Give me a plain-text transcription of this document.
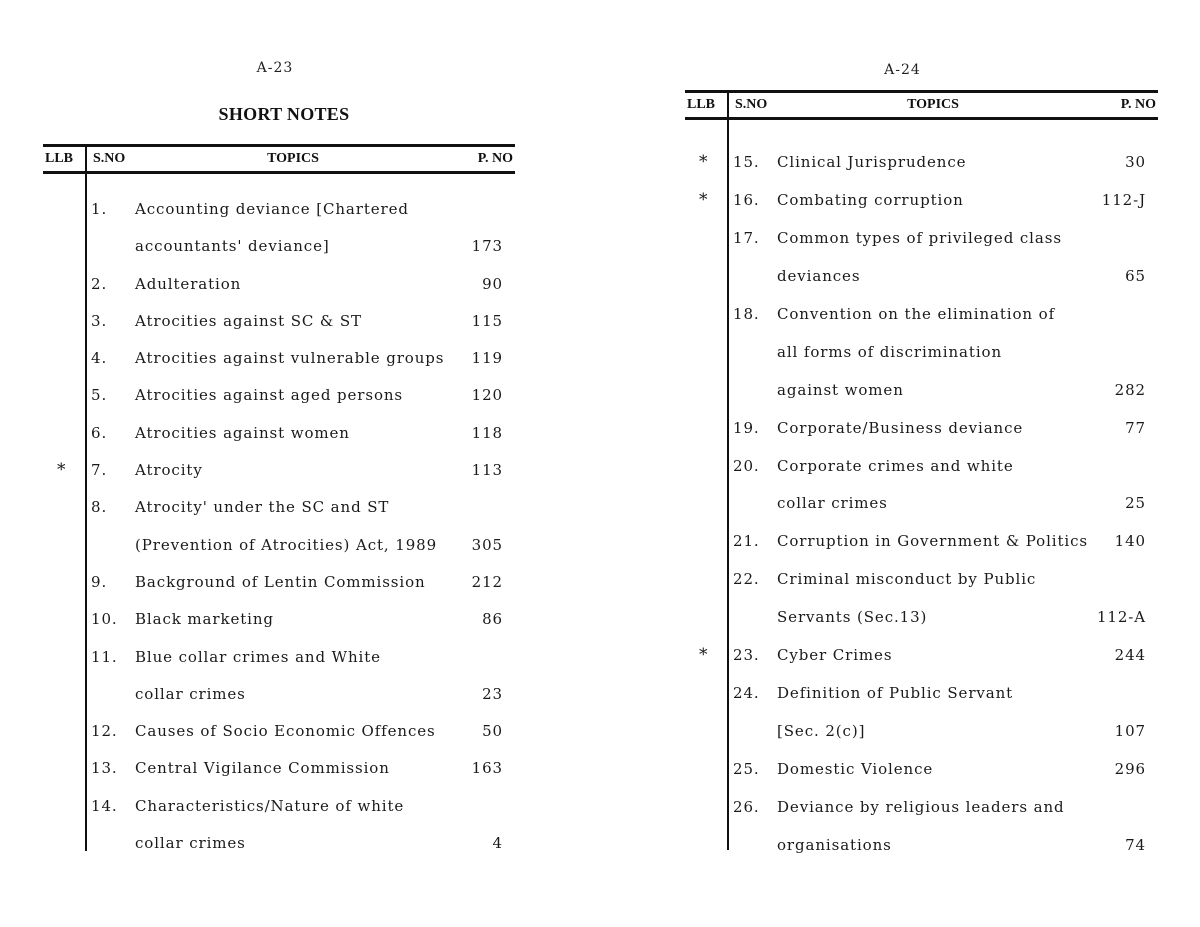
A-23
SHORT NOTES
LLB S.NO	TOPICS	P. NO
1. Accounting deviance [Chartered
accountants' deviance]	173
2. Adulteration	90
3. Atrocities against SC & ST	115
4. Atrocities against vulnerable groups 119
5. Atrocities against aged persons	120
6. Atrocities against women	118
* 7. Atrocity	113
8. Atrocity' under the SC and ST
(Prevention of Atrocities) Act, 1989 305
9. Background of Lentin Commission	212
10. Black marketing	86
11. Blue collar crimes and White
collar crimes	23
12. Causes of Socio Economic Offences	50
13. Central Vigilance Commission	163
14. Characteristics/Nature of white
collar crimes	4
A-24
LLB S.NO	TOPICS	P. NO
* 15. Clinical Jurisprudence	30
* 16. Combating corruption	112-J
17. Common types of privileged class
deviances	65
18. Convention on the elimination of
all forms of discrimination
against women	282
19. Corporate/Business deviance	77
20. Corporate crimes and white
collar crimes	25
21. Corruption in Government & Politics 140
22. Criminal misconduct by Public
Servants (Sec.13)	112-A
* 23. Cyber Crimes	244
24. Definition of Public Servant
[Sec. 2(c)]	107
25. Domestic Violence	296
26. Deviance by religious leaders and
organisations	74
